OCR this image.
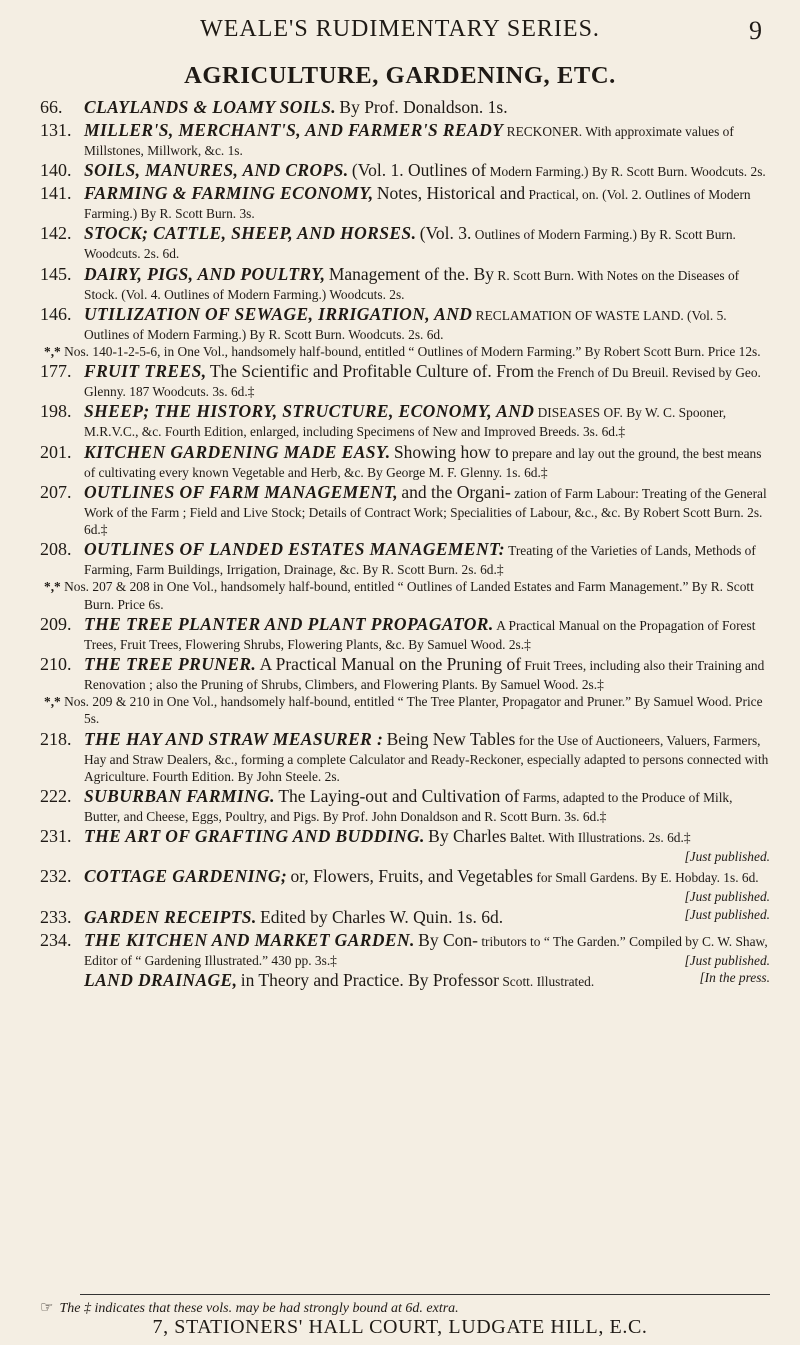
WEALE'S RUDIMENTARY SERIES.	9
AGRICULTURE, GARDENING, ETC.
66. CLAYLANDS & LOAMY SOILS. By Prof. Donaldson. 1s.
131. MILLER'S, MERCHANT'S, AND FARMER'S READY RECKONER. With approximate values of Millstones, Millwork, &c. 1s.
140. SOILS, MANURES, AND CROPS. (Vol. 1. Outlines of Modern Farming.) By R. Scott Burn. Woodcuts. 2s.
141. FARMING & FARMING ECONOMY, Notes, Historical and Practical, on. (Vol. 2. Outlines of Modern Farming.) By R. Scott Burn. 3s.
142. STOCK; CATTLE, SHEEP, AND HORSES. (Vol. 3. Outlines of Modern Farming.) By R. Scott Burn. Woodcuts. 2s. 6d.
145. DAIRY, PIGS, AND POULTRY, Management of the. By R. Scott Burn. With Notes on the Diseases of Stock. (Vol. 4. Outlines of Modern Farming.) Woodcuts. 2s.
146. UTILIZATION OF SEWAGE, IRRIGATION, AND RECLAMATION OF WASTE LAND. (Vol. 5. Outlines of Modern Farming.) By R. Scott Burn. Woodcuts. 2s. 6d.
*,* Nos. 140-1-2-5-6, in One Vol., handsomely half-bound, entitled “ Outlines of Modern Farming.” By Robert Scott Burn. Price 12s.
177. FRUIT TREES, The Scientific and Profitable Culture of. From the French of Du Breuil. Revised by Geo. Glenny. 187 Woodcuts. 3s. 6d.‡
198. SHEEP; THE HISTORY, STRUCTURE, ECONOMY, AND DISEASES OF. By W. C. Spooner, M.R.V.C., &c. Fourth Edition, enlarged, including Specimens of New and Improved Breeds. 3s. 6d.‡
201. KITCHEN GARDENING MADE EASY. Showing how to prepare and lay out the ground, the best means of cultivating every known Vegetable and Herb, &c. By George M. F. Glenny. 1s. 6d.‡
207. OUTLINES OF FARM MANAGEMENT, and the Organi- zation of Farm Labour: Treating of the General Work of the Farm ; Field and Live Stock; Details of Contract Work; Specialities of Labour, &c., &c. By Robert Scott Burn. 2s. 6d.‡
208. OUTLINES OF LANDED ESTATES MANAGEMENT: Treating of the Varieties of Lands, Methods of Farming, Farm Buildings, Irrigation, Drainage, &c. By R. Scott Burn. 2s. 6d.‡
*,* Nos. 207 & 208 in One Vol., handsomely half-bound, entitled “ Outlines of Landed Estates and Farm Management.” By R. Scott Burn. Price 6s.
209. THE TREE PLANTER AND PLANT PROPAGATOR. A Practical Manual on the Propagation of Forest Trees, Fruit Trees, Flowering Shrubs, Flowering Plants, &c. By Samuel Wood. 2s.‡
210. THE TREE PRUNER. A Practical Manual on the Pruning of Fruit Trees, including also their Training and Renovation ; also the Pruning of Shrubs, Climbers, and Flowering Plants. By Samuel Wood. 2s.‡
*,* Nos. 209 & 210 in One Vol., handsomely half-bound, entitled “ The Tree Planter, Propagator and Pruner.” By Samuel Wood. Price 5s.
218. THE HAY AND STRAW MEASURER : Being New Tables for the Use of Auctioneers, Valuers, Farmers, Hay and Straw Dealers, &c., forming a complete Calculator and Ready-Reckoner, especially adapted to persons connected with Agriculture. Fourth Edition. By John Steele. 2s.
222. SUBURBAN FARMING. The Laying-out and Cultivation of Farms, adapted to the Produce of Milk, Butter, and Cheese, Eggs, Poultry, and Pigs. By Prof. John Donaldson and R. Scott Burn. 3s. 6d.‡
231. THE ART OF GRAFTING AND BUDDING. By Charles Baltet. With Illustrations. 2s. 6d.‡
[Just published.
232. COTTAGE GARDENING; or, Flowers, Fruits, and Vegetables for Small Gardens. By E. Hobday. 1s. 6d.
[Just published.
233. GARDEN RECEIPTS. Edited by Charles W. Quin. 1s. 6d.	[Just published.
234. THE KITCHEN AND MARKET GARDEN. By Con- tributors to “ The Garden.” Compiled by C. W. Shaw, Editor of “ Gardening Illustrated.” 430 pp. 3s.‡	[Just published.
LAND DRAINAGE, in Theory and Practice. By Professor Scott. Illustrated.	[In the press.
☞ The ‡ indicates that these vols. may be had strongly bound at 6d. extra.
7, STATIONERS' HALL COURT, LUDGATE HILL, E.C.
